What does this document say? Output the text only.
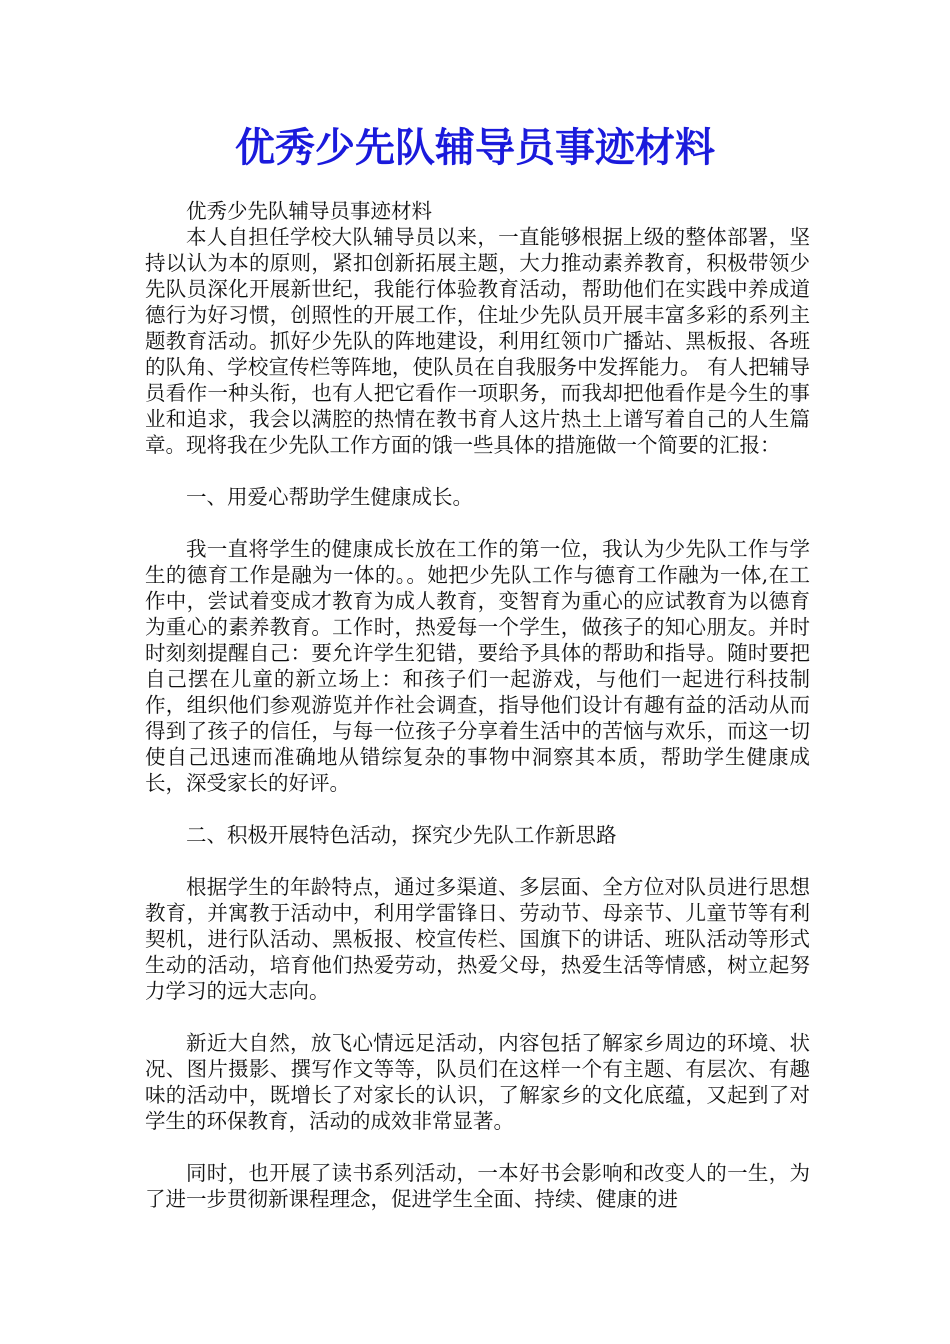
优秀少先队辅导员事迹材料

优秀少先队辅导员事迹材料

本人自担任学校大队辅导员以来，一直能够根据上级的整体部署，坚持以认为本的原则，紧扣创新拓展主题，大力推动素养教育，积极带领少先队员深化开展新世纪，我能行体验教育活动，帮助他们在实践中养成道德行为好习惯，创照性的开展工作，住址少先队员开展丰富多彩的系列主题教育活动。抓好少先队的阵地建设，利用红领巾广播站、黑板报、各班的队角、学校宣传栏等阵地，使队员在自我服务中发挥能力。 有人把辅导员看作一种头衔，也有人把它看作一项职务，而我却把他看作是今生的事业和追求，我会以满腔的热情在教书育人这片热土上谱写着自己的人生篇章。现将我在少先队工作方面的饿一些具体的措施做一个简要的汇报：

一、用爱心帮助学生健康成长。

我一直将学生的健康成长放在工作的第一位，我认为少先队工作与学生的德育工作是融为一体的。。她把少先队工作与德育工作融为一体,在工作中，尝试着变成才教育为成人教育，变智育为重心的应试教育为以德育为重心的素养教育。工作时，热爱每一个学生，做孩子的知心朋友。并时时刻刻提醒自己：要允许学生犯错，要给予具体的帮助和指导。随时要把自己摆在儿童的新立场上：和孩子们一起游戏，与他们一起进行科技制作，组织他们参观游览并作社会调查，指导他们设计有趣有益的活动从而得到了孩子的信任，与每一位孩子分享着生活中的苦恼与欢乐，而这一切使自己迅速而准确地从错综复杂的事物中洞察其本质，帮助学生健康成长，深受家长的好评。

二、积极开展特色活动，探究少先队工作新思路

根据学生的年龄特点，通过多渠道、多层面、全方位对队员进行思想教育，并寓教于活动中，利用学雷锋日、劳动节、母亲节、儿童节等有利契机，进行队活动、黑板报、校宣传栏、国旗下的讲话、班队活动等形式生动的活动，培育他们热爱劳动，热爱父母，热爱生活等情感，树立起努力学习的远大志向。

新近大自然，放飞心情远足活动，内容包括了解家乡周边的环境、状况、图片摄影、撰写作文等等，队员们在这样一个有主题、有层次、有趣味的活动中，既增长了对家长的认识，了解家乡的文化底蕴，又起到了对学生的环保教育，活动的成效非常显著。

同时，也开展了读书系列活动，一本好书会影响和改变人的一生，为了进一步贯彻新课程理念，促进学生全面、持续、健康的进
